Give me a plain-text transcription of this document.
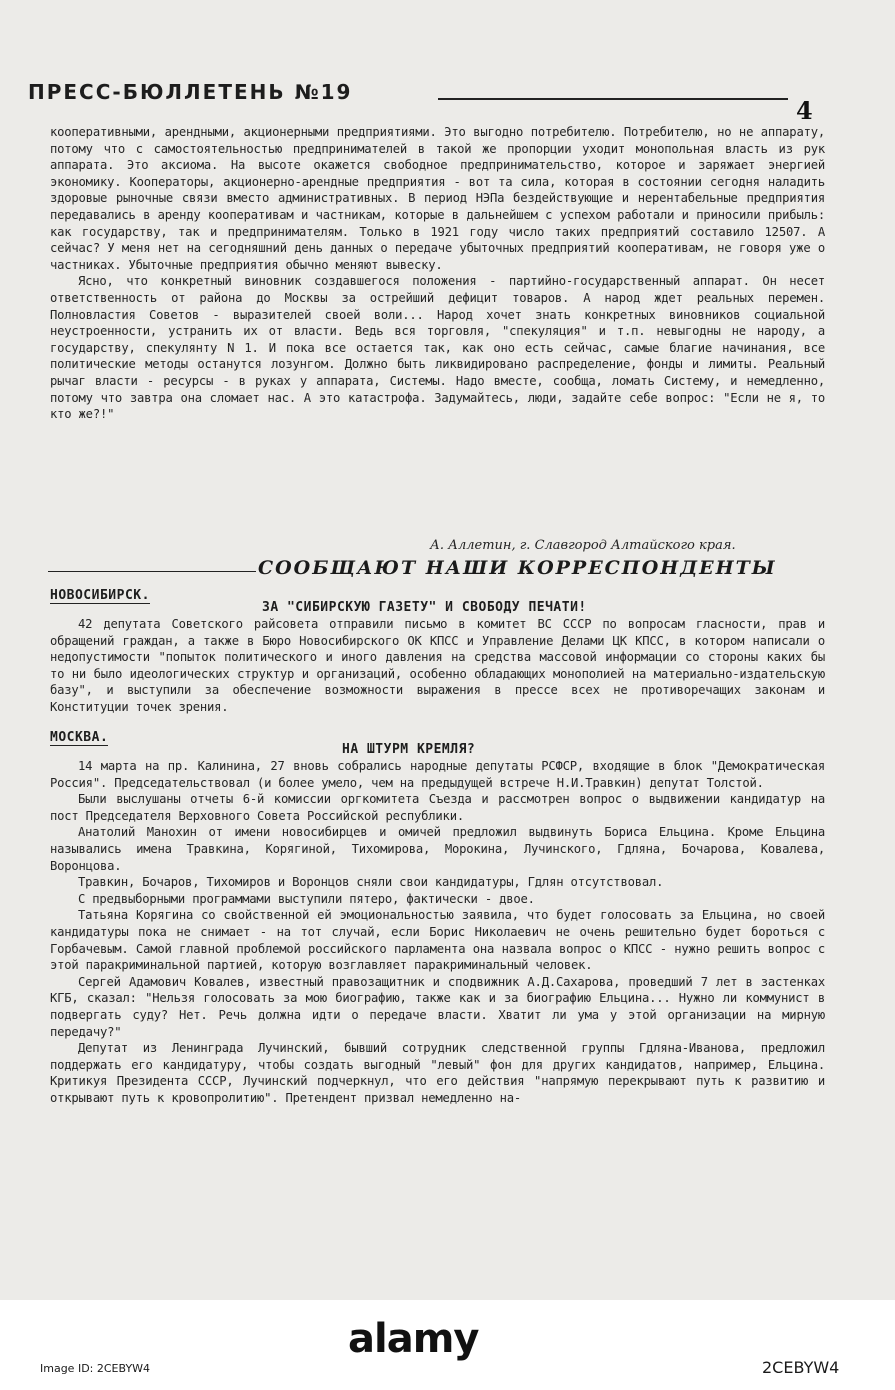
ПРЕСС-БЮЛЛЕТЕНЬ №19
4

кооперативными, арендными, акционерными предприятиями. Это выгодно потребителю. Потребителю, но не аппарату, потому что с самостоятельностью предпринимателей в такой же пропорции уходит монопольная власть из рук аппарата. Это аксиома. На высоте окажется свободное предпринимательство, которое и заряжает энергией экономику. Кооператоры, акционерно-арендные предприятия - вот та сила, которая в состоянии сегодня наладить здоровые рыночные связи вместо административных. В период НЭПа бездействующие и нерентабельные предприятия передавались в аренду кооперативам и частникам, которые в дальнейшем с успехом работали и приносили прибыль: как государству, так и предпринимателям. Только в 1921 году число таких предприятий составило 12507. А сейчас? У меня нет на сегодняшний день данных о передаче убыточных предприятий кооперативам, не говоря уже о частниках. Убыточные предприятия обычно меняют вывеску.

Ясно, что конкретный виновник создавшегося положения - партийно-государственный аппарат. Он несет ответственность от района до Москвы за острейший дефицит товаров. А народ ждет реальных перемен. Полновластия Советов - выразителей своей воли... Народ хочет знать конкретных виновников социальной неустроенности, устранить их от власти. Ведь вся торговля, "спекуляция" и т.п. невыгодны не народу, а государству, спекулянту N 1. И пока все остается так, как оно есть сейчас, самые благие начинания, все политические методы останутся лозунгом. Должно быть ликвидировано распределение, фонды и лимиты. Реальный рычаг власти - ресурсы - в руках у аппарата, Системы. Надо вместе, сообща, ломать Систему, и немедленно, потому что завтра она сломает нас. А это катастрофа. Задумайтесь, люди, задайте себе вопрос: "Если не я, то кто же?!"

А. Аллетин, г. Славгород Алтайского края.
СООБЩАЮТ НАШИ КОРРЕСПОНДЕНТЫ
НОВОСИБИРСК.
ЗА "СИБИРСКУЮ ГАЗЕТУ" И СВОБОДУ ПЕЧАТИ!

42 депутата Советского райсовета отправили письмо в комитет ВС СССР по вопросам гласности, прав и обращений граждан, а также в Бюро Новосибирского ОК КПСС и Управление Делами ЦК КПСС, в котором написали о недопустимости "попыток политического и иного давления на средства массовой информации со стороны каких бы то ни было идеологических структур и организаций, особенно обладающих монополией на материально-издательскую базу", и выступили за обеспечение возможности выражения в прессе всех не противоречащих законам и Конституции точек зрения.

МОСКВА.
НА ШТУРМ КРЕМЛЯ?

14 марта на пр. Калинина, 27 вновь собрались народные депутаты РСФСР, входящие в блок "Демократическая Россия". Председательствовал (и более умело, чем на предыдущей встрече Н.И.Травкин) депутат Толстой.

Были выслушаны отчеты 6-й комиссии оргкомитета Съезда и рассмотрен вопрос о выдвижении кандидатур на пост Председателя Верховного Совета Российской республики.

Анатолий Манохин от имени новосибирцев и омичей предложил выдвинуть Бориса Ельцина. Кроме Ельцина назывались имена Травкина, Корягиной, Тихомирова, Морокина, Лучинского, Гдляна, Бочарова, Ковалева, Воронцова.

Травкин, Бочаров, Тихомиров и Воронцов сняли свои кандидатуры, Гдлян отсутствовал.

С предвыборными программами выступили пятеро, фактически - двое.

Татьяна Корягина со свойственной ей эмоциональностью заявила, что будет голосовать за Ельцина, но своей кандидатуры пока не снимает - на тот случай, если Борис Николаевич не очень решительно будет бороться с Горбачевым. Самой главной проблемой российского парламента она назвала вопрос о КПСС - нужно решить вопрос с этой паракриминальной партией, которую возглавляет паракриминальный человек.

Сергей Адамович Ковалев, известный правозащитник и сподвижник А.Д.Сахарова, проведший 7 лет в застенках КГБ, сказал: "Нельзя голосовать за мою биографию, также как и за биографию Ельцина... Нужно ли коммунист в подвергать суду? Нет. Речь должна идти о передаче власти. Хватит ли ума у этой организации на мирную передачу?"

Депутат из Ленинграда Лучинский, бывший сотрудник следственной группы Гдляна-Иванова, предложил поддержать его кандидатуру, чтобы создать выгодный "левый" фон для других кандидатов, например, Ельцина. Критикуя Президента СССР, Лучинский подчеркнул, что его действия "напрямую перекрывают путь к развитию и открывают путь к кровопролитию". Претендент призвал немедленно на-

alamy
Image ID: 2CEBYW4	2CEBYW4
